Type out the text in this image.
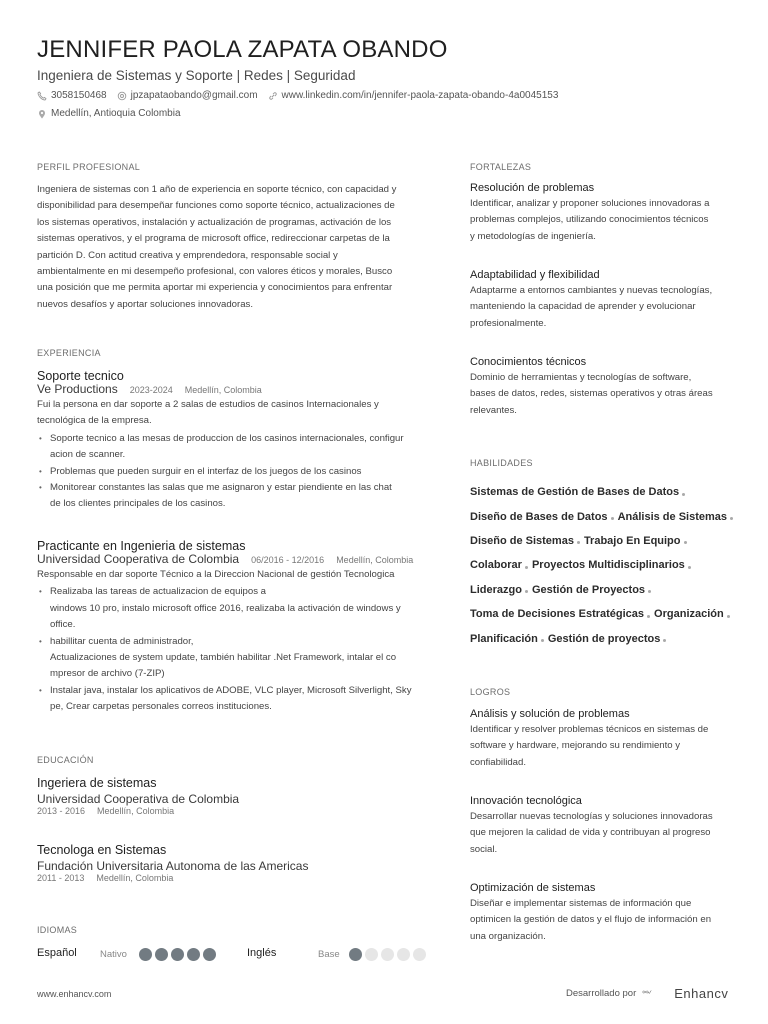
JENNIFER PAOLA ZAPATA OBANDO
Ingeniera de Sistemas y Soporte | Redes | Seguridad
3058150468 jpzapataobando@gmail.com www.linkedin.com/in/jennifer-paola-zapata-obando-4a0045153
Medellín, Antioquia Colombia
PERFIL PROFESIONAL
Ingeniera de sistemas con 1 año de experiencia en soporte técnico, con capacidad y
disponibilidad para desempeñar funciones como soporte técnico, actualizaciones de
los sistemas operativos, instalación y actualización de programas, activación de los
sistemas operativos, y el programa de microsoft office, redireccionar carpetas de la
partición D. Con actitud creativa y emprendedora, responsable social y
ambientalmente en mi desempeño profesional, con valores éticos y morales, Busco
una posición que me permita aportar mi experiencia y conocimientos para enfrentar
nuevos desafíos y aportar soluciones innovadoras.
EXPERIENCIA
Soporte tecnico
Ve Productions 2023-2024 Medellín, Colombia
Fui la persona en dar soporte a 2 salas de estudios de casinos Internacionales y
tecnológica de la empresa.
• Soporte tecnico a las mesas de produccion de los casinos internacionales, configur
acion de scanner.
• Problemas que pueden surguir en el interfaz de los juegos de los casinos
• Monitorear constantes las salas que me asignaron y estar piendiente en las chat
de los clientes principales de los casinos.
Practicante en Ingenieria de sistemas
Universidad Cooperativa de Colombia 06/2016 - 12/2016 Medellín, Colombia
Responsable en dar soporte Técnico a la Direccion Nacional de gestión Tecnologica
• Realizaba las tareas de actualizacion de equipos a
windows 10 pro, instalo microsoft office 2016, realizaba la activación de windows y
office.
• habillitar cuenta de administrador,
Actualizaciones de system update, también habilitar .Net Framework, intalar el co
mpresor de archivo (7-ZIP)
• Instalar java, instalar los aplicativos de ADOBE, VLC player, Microsoft Silverlight, Sky
pe, Crear carpetas personales correos instituciones.
EDUCACIÓN
Ingeriera de sistemas
Universidad Cooperativa de Colombia
2013 - 2016 Medellín, Colombia
Tecnologa en Sistemas
Fundación Universitaria Autonoma de las Americas
2011 - 2013 Medellín, Colombia
IDIOMAS
Español Nativo	Inglés	Base
FORTALEZAS
Resolución de problemas
Identificar, analizar y proponer soluciones innovadoras a
problemas complejos, utilizando conocimientos técnicos
y metodologías de ingeniería.
Adaptabilidad y flexibilidad
Adaptarme a entornos cambiantes y nuevas tecnologías,
manteniendo la capacidad de aprender y evolucionar
profesionalmente.
Conocimientos técnicos
Dominio de herramientas y tecnologías de software,
bases de datos, redes, sistemas operativos y otras áreas
relevantes.
HABILIDADES
Sistemas de Gestión de Bases de Datos
Diseño de Bases de Datos Análisis de Sistemas
Diseño de Sistemas Trabajo En Equipo
Colaborar Proyectos Multidisciplinarios
Liderazgo Gestión de Proyectos
Toma de Decisiones Estratégicas Organización
Planificación Gestión de proyectos
LOGROS
Análisis y solución de problemas
Identificar y resolver problemas técnicos en sistemas de
software y hardware, mejorando su rendimiento y
confiabilidad.
Innovación tecnológica
Desarrollar nuevas tecnologías y soluciones innovadoras
que mejoren la calidad de vida y contribuyan al progreso
social.
Optimización de sistemas
Diseñar e implementar sistemas de información que
optimicen la gestión de datos y el flujo de información en
una organización.
www.enhancv.com	Desarrollado por	Enhancv
